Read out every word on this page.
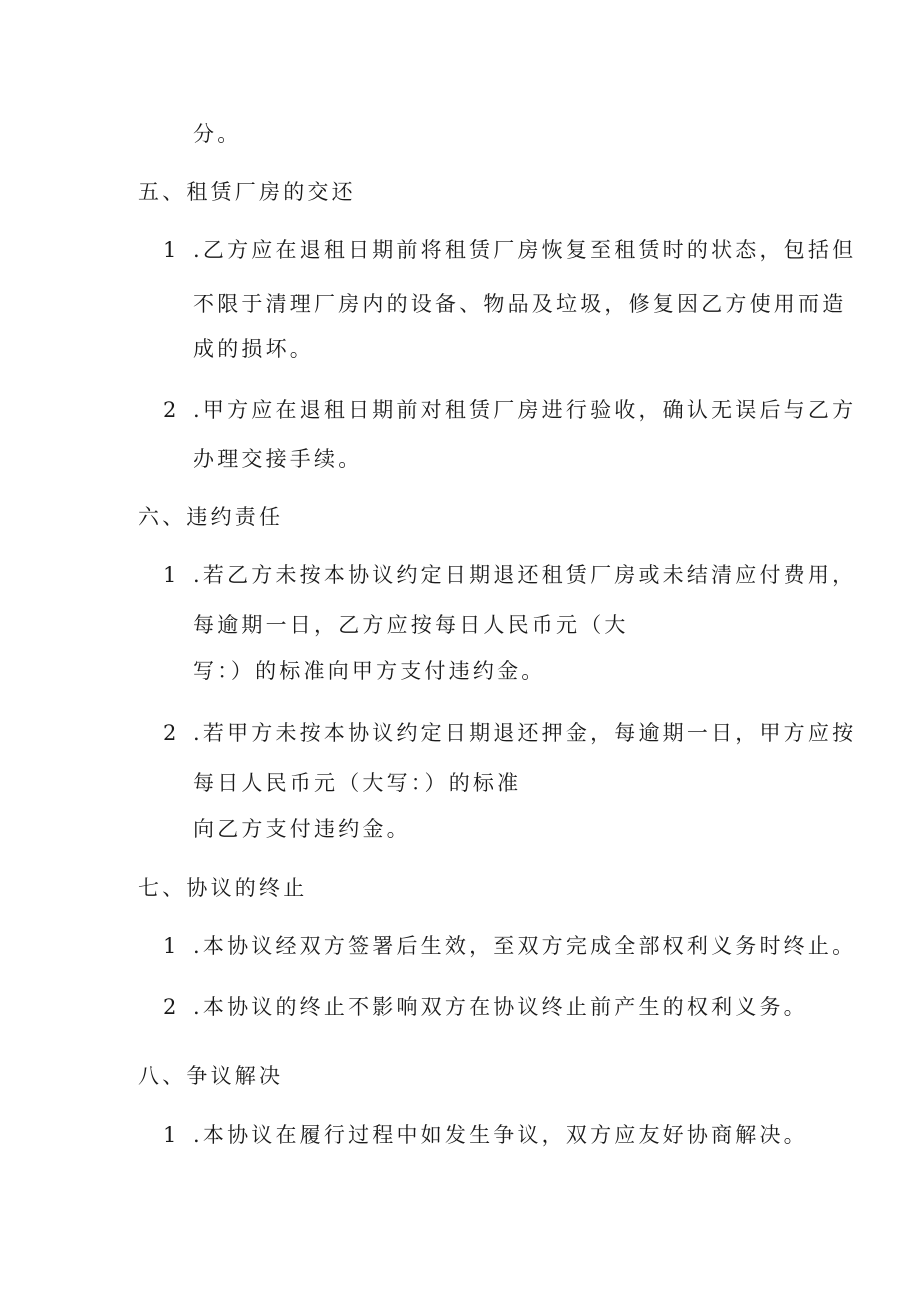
分。
五、租赁厂房的交还
1 .乙方应在退租日期前将租赁厂房恢复至租赁时的状态，包括但
不限于清理厂房内的设备、物品及垃圾，修复因乙方使用而造
成的损坏。
2 .甲方应在退租日期前对租赁厂房进行验收，确认无误后与乙方
办理交接手续。
六、违约责任
1 .若乙方未按本协议约定日期退还租赁厂房或未结清应付费用，
每逾期一日，乙方应按每日人民币元（大
写：）的标准向甲方支付违约金。
2 .若甲方未按本协议约定日期退还押金，每逾期一日，甲方应按
每日人民币元（大写：）的标准
向乙方支付违约金。
七、协议的终止
1 .本协议经双方签署后生效，至双方完成全部权利义务时终止。
2 .本协议的终止不影响双方在协议终止前产生的权利义务。
八、争议解决
1 .本协议在履行过程中如发生争议，双方应友好协商解决。
